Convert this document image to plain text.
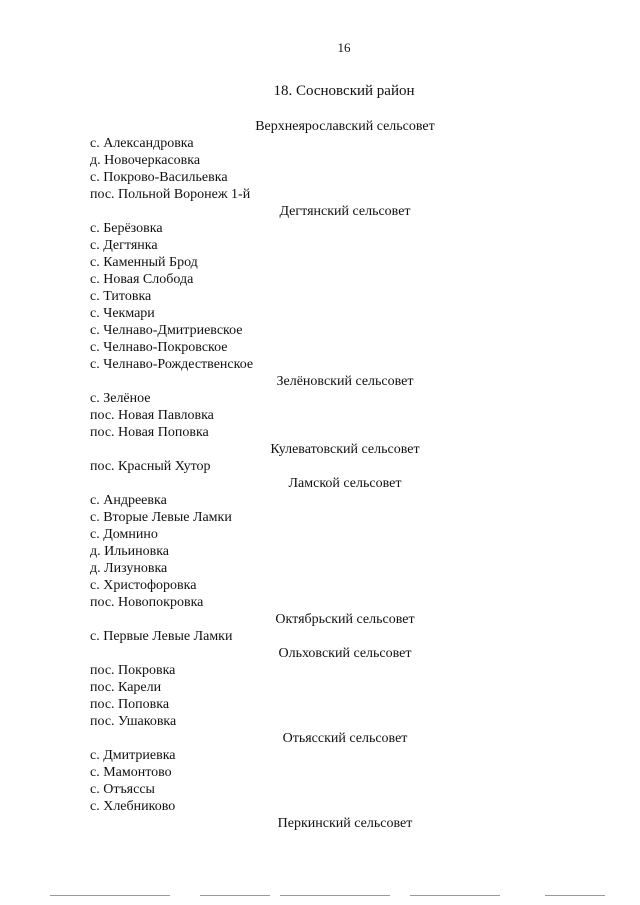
16
18. Сосновский район
Верхнеярославский сельсовет
с. Александровка
д. Новочеркасовка
с. Покрово-Васильевка
пос. Польной Воронеж 1-й
Дегтянский сельсовет
с. Берёзовка
с. Дегтянка
с. Каменный Брод
с. Новая Слобода
с. Титовка
с. Чекмари
с. Челнаво-Дмитриевское
с. Челнаво-Покровское
с. Челнаво-Рождественское
Зелёновский сельсовет
с. Зелёное
пос. Новая Павловка
пос. Новая Поповка
Кулеватовский сельсовет
пос. Красный Хутор
Ламской сельсовет
с. Андреевка
с. Вторые Левые Ламки
с. Домнино
д. Ильиновка
д. Лизуновка
с. Христофоровка
пос. Новопокровка
Октябрьский сельсовет
с. Первые Левые Ламки
Ольховский сельсовет
пос. Покровка
пос. Карели
пос. Поповка
пос. Ушаковка
Отьясский сельсовет
с. Дмитриевка
с. Мамонтово
с. Отъяссы
с. Хлебниково
Перкинский сельсовет
